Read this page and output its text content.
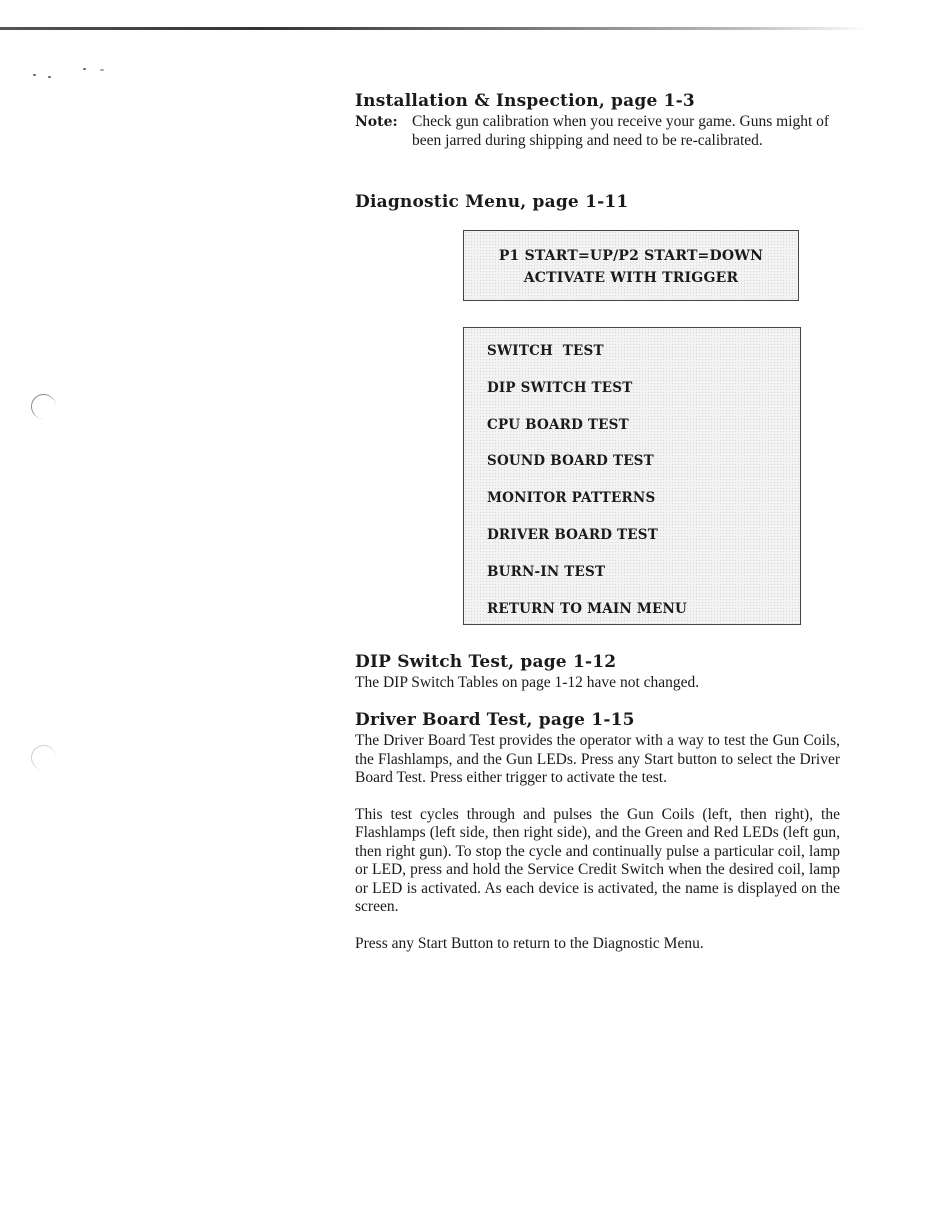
Installation & Inspection, page 1-3
Note: Check gun calibration when you receive your game. Guns might of been jarred during shipping and need to be re-calibrated.
Diagnostic Menu, page 1-11
P1 START=UP/P2 START=DOWN
ACTIVATE WITH TRIGGER
SWITCH  TEST
DIP SWITCH TEST
CPU BOARD TEST
SOUND BOARD TEST
MONITOR PATTERNS
DRIVER BOARD TEST
BURN-IN TEST
RETURN TO MAIN MENU
DIP Switch Test, page 1-12

The DIP Switch Tables on page 1-12 have not changed.

Driver Board Test, page 1-15

The Driver Board Test provides the operator with a way to test the Gun Coils, the Flashlamps, and the Gun LEDs. Press any Start button to select the Driver Board Test. Press either trigger to activate the test.

This test cycles through and pulses the Gun Coils (left, then right), the Flashlamps (left side, then right side), and the Green and Red LEDs (left gun, then right gun). To stop the cycle and continually pulse a particular coil, lamp or LED, press and hold the Service Credit Switch when the desired coil, lamp or LED is activated. As each device is activated, the name is displayed on the screen.

Press any Start Button to return to the Diagnostic Menu.
